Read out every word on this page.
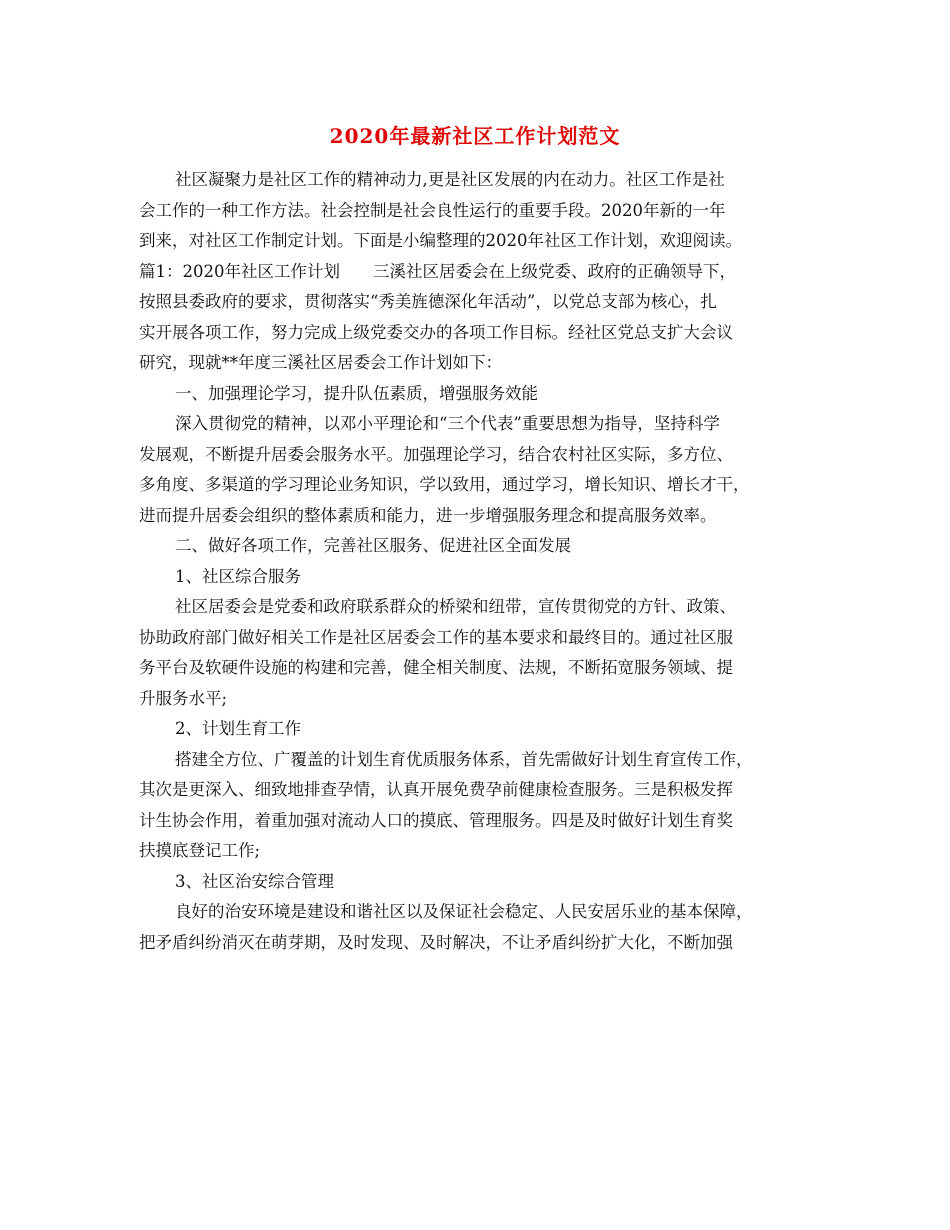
2020年最新社区工作计划范文
社区凝聚力是社区工作的精神动力,更是社区发展的内在动力。社区工作是社
会工作的一种工作方法。社会控制是社会良性运行的重要手段。2020年新的一年
到来，对社区工作制定计划。下面是小编整理的2020年社区工作计划，欢迎阅读。
篇1：2020年社区工作计划　　三溪社区居委会在上级党委、政府的正确领导下，
按照县委政府的要求，贯彻落实“秀美旌德深化年活动”，以党总支部为核心，扎
实开展各项工作，努力完成上级党委交办的各项工作目标。经社区党总支扩大会议
研究，现就**年度三溪社区居委会工作计划如下：
一、加强理论学习，提升队伍素质，增强服务效能
深入贯彻党的精神，以邓小平理论和“三个代表”重要思想为指导，坚持科学
发展观，不断提升居委会服务水平。加强理论学习，结合农村社区实际，多方位、
多角度、多渠道的学习理论业务知识，学以致用，通过学习，增长知识、增长才干，
进而提升居委会组织的整体素质和能力，进一步增强服务理念和提高服务效率。
二、做好各项工作，完善社区服务、促进社区全面发展
1、社区综合服务
社区居委会是党委和政府联系群众的桥梁和纽带，宣传贯彻党的方针、政策、
协助政府部门做好相关工作是社区居委会工作的基本要求和最终目的。通过社区服
务平台及软硬件设施的构建和完善，健全相关制度、法规，不断拓宽服务领域、提
升服务水平;
2、计划生育工作
搭建全方位、广覆盖的计划生育优质服务体系，首先需做好计划生育宣传工作，
其次是更深入、细致地排查孕情，认真开展免费孕前健康检查服务。三是积极发挥
计生协会作用，着重加强对流动人口的摸底、管理服务。四是及时做好计划生育奖
扶摸底登记工作;
3、社区治安综合管理
良好的治安环境是建设和谐社区以及保证社会稳定、人民安居乐业的基本保障，
把矛盾纠纷消灭在萌芽期，及时发现、及时解决，不让矛盾纠纷扩大化，不断加强
